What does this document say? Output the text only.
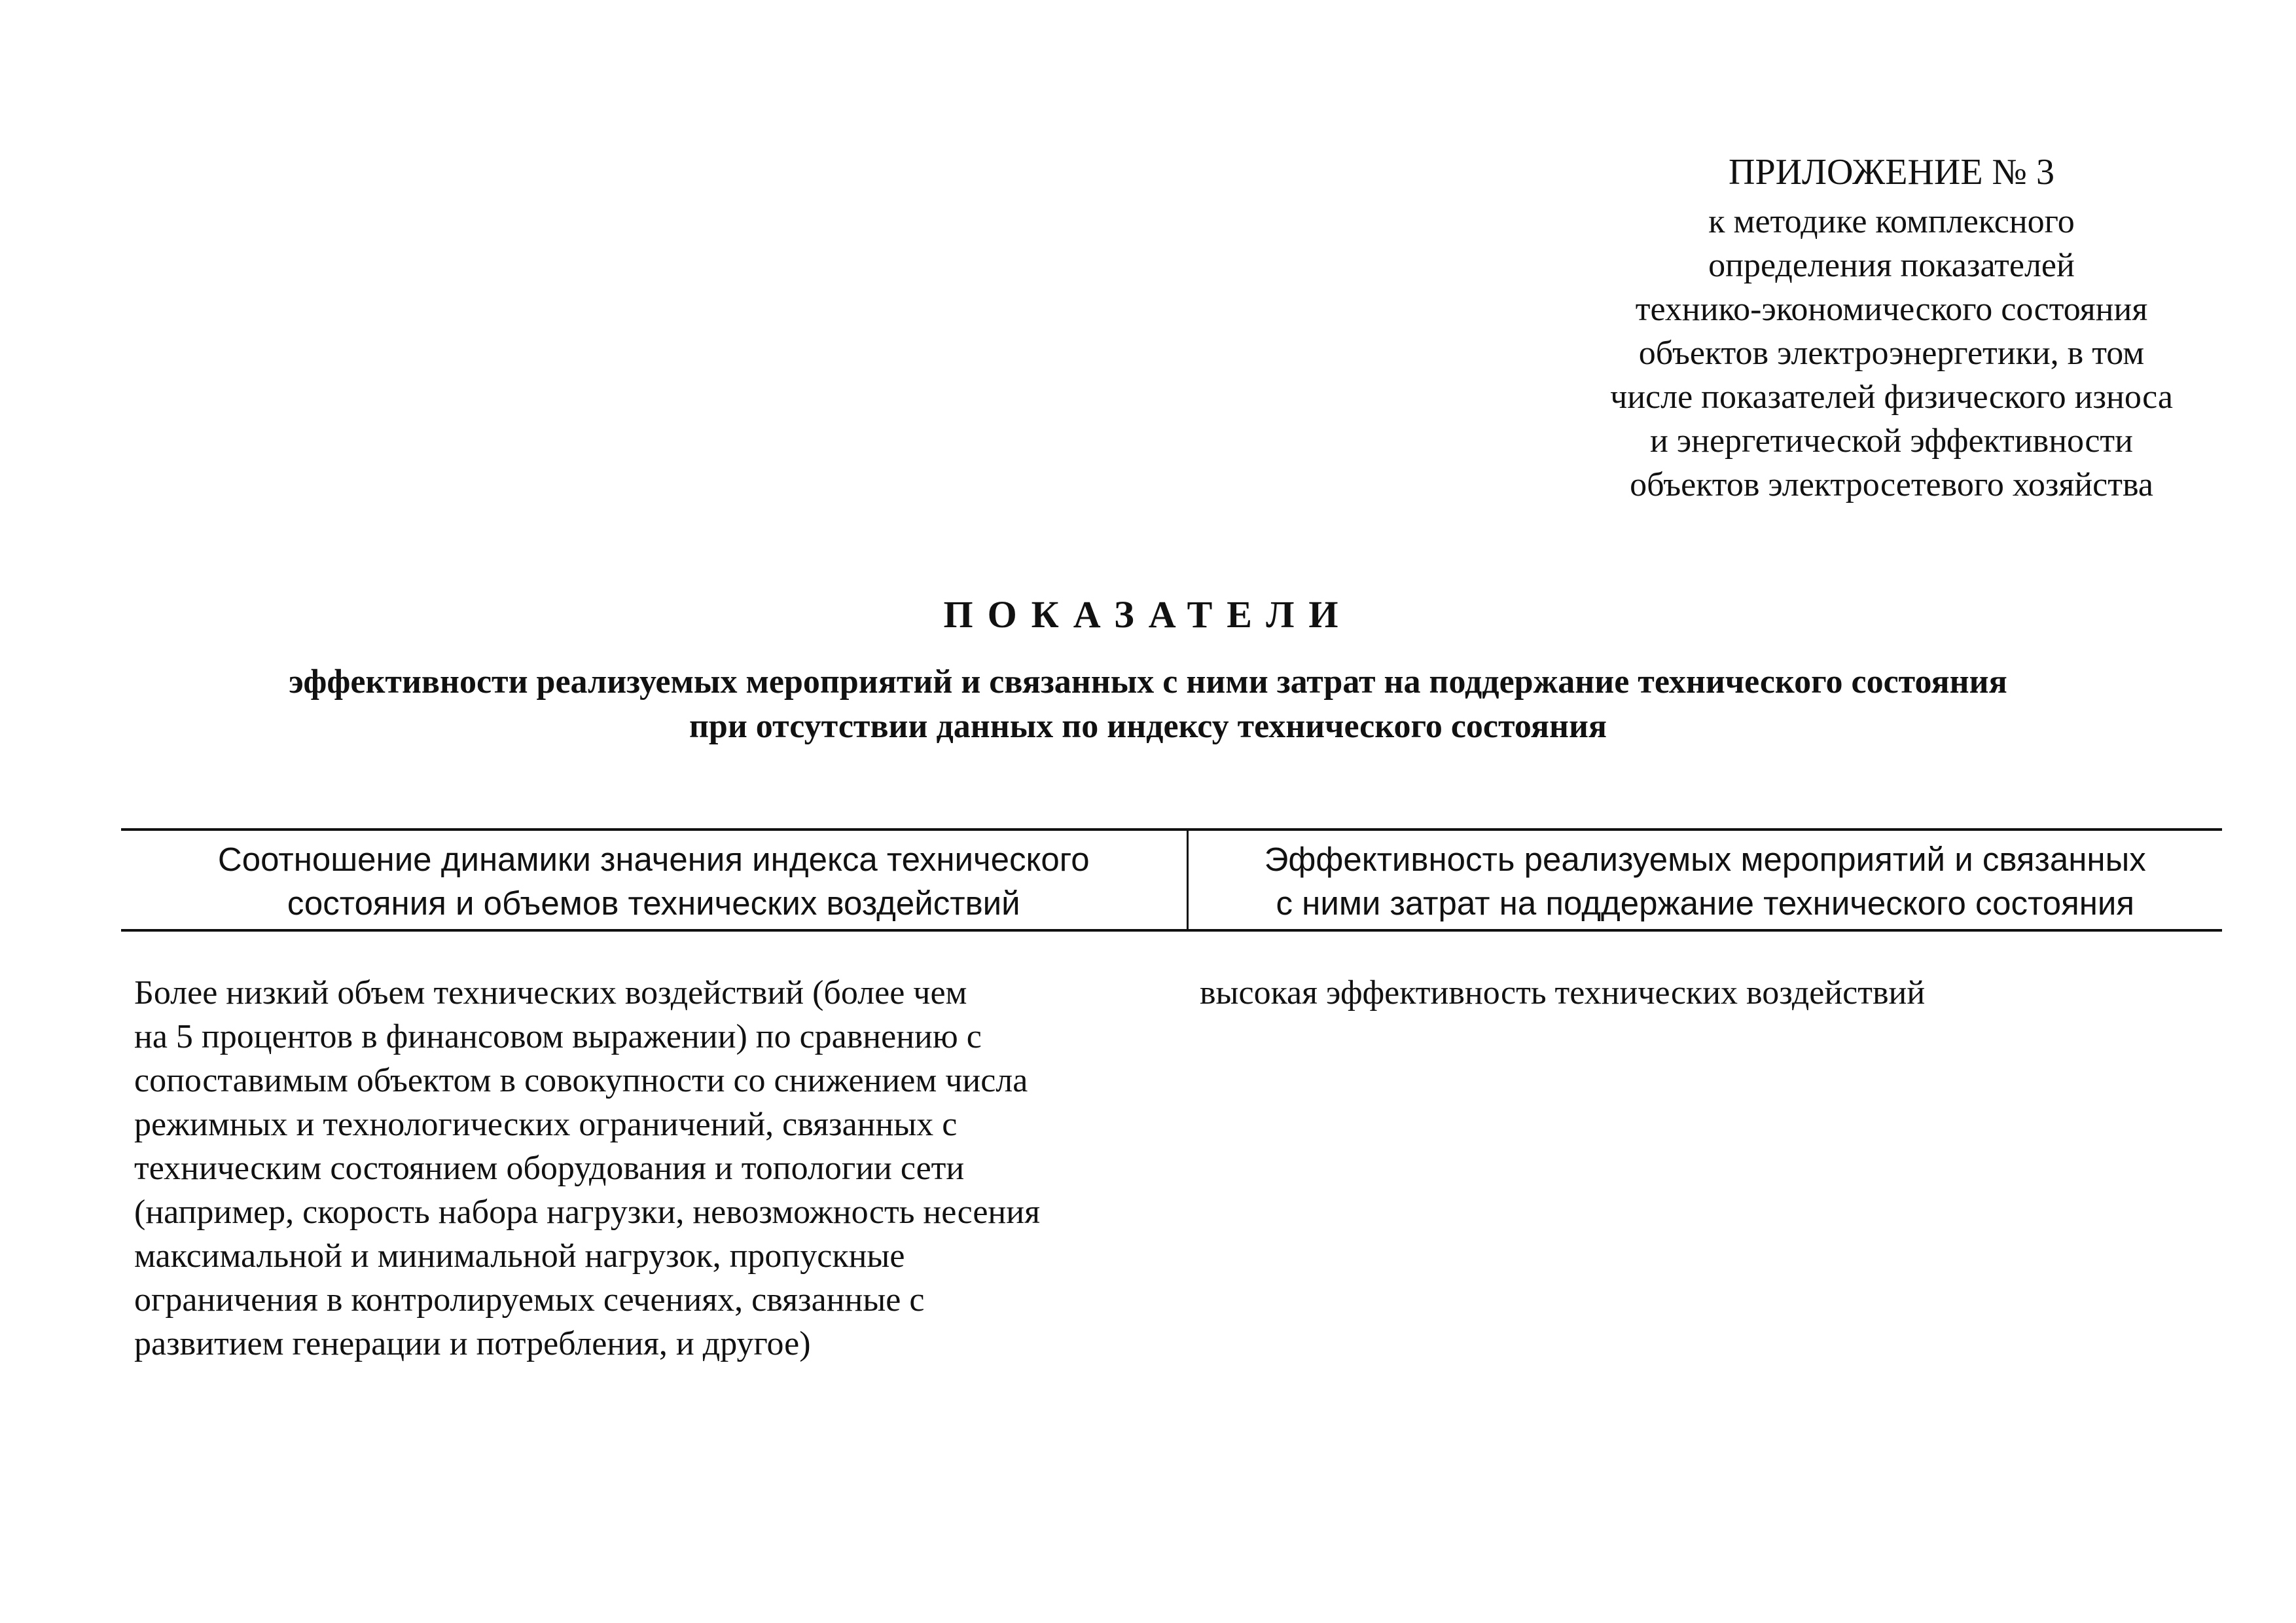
ПРИЛОЖЕНИЕ № 3
к методике комплексного
определения показателей
технико-экономического состояния
объектов электроэнергетики, в том
числе показателей физического износа
и энергетической эффективности
объектов электросетевого хозяйства
ПОКАЗАТЕЛИ
эффективности реализуемых мероприятий и связанных с ними затрат на поддержание технического состояния
при отсутствии данных по индексу технического состояния
Соотношение динамики значения индекса технического
состояния и объемов технических воздействий
Эффективность реализуемых мероприятий и связанных
с ними затрат на поддержание технического состояния
Более низкий объем технических воздействий (более чем
на 5 процентов в финансовом выражении) по сравнению с
сопоставимым объектом в совокупности со снижением числа
режимных и технологических ограничений, связанных с
техническим состоянием оборудования и топологии сети
(например, скорость набора нагрузки, невозможность несения
максимальной и минимальной нагрузок, пропускные
ограничения в контролируемых сечениях, связанные с
развитием генерации и потребления, и другое)
высокая эффективность технических воздействий
